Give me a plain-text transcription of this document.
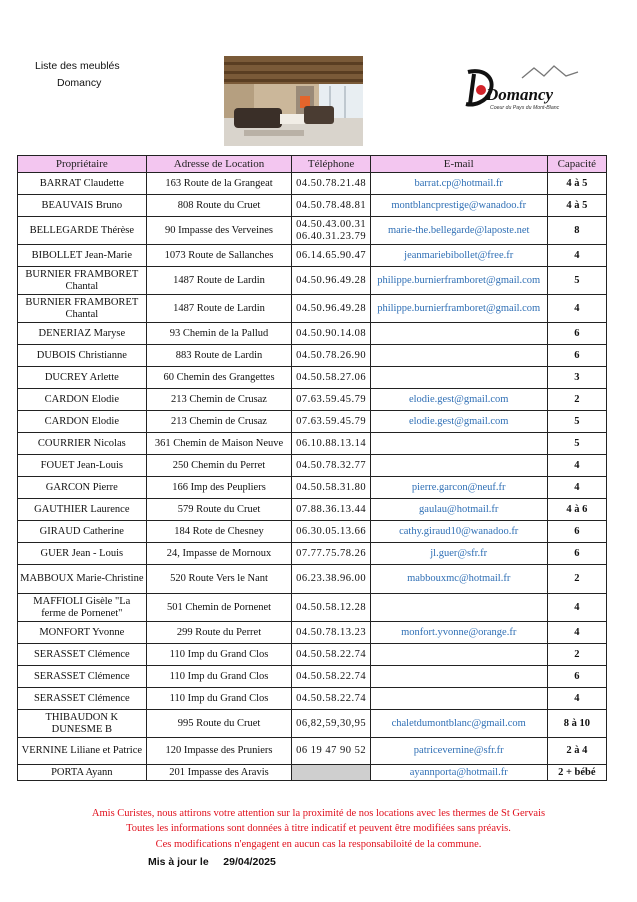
Liste des meublés
Domancy
Domancy
Coeur du Pays du Mont-Blanc
Propriétaire	Adresse de Location	Téléphone	E-mail	Capacité
BARRAT Claudette	163 Route de la Grangeat	04.50.78.21.48	barrat.cp@hotmail.fr	4 à 5
BEAUVAIS Bruno	808 Route du Cruet	04.50.78.48.81	montblancprestige@wanadoo.fr	4 à 5
BELLEGARDE Thérèse	90 Impasse des Verveines	04.50.43.00.31
06.40.31.23.79	marie-the.bellegarde@laposte.net	8
BIBOLLET Jean-Marie	1073 Route de Sallanches	06.14.65.90.47	jeanmariebibollet@free.fr	4
BURNIER FRAMBORET Chantal	1487 Route de Lardin	04.50.96.49.28	philippe.burnierframboret@gmail.com	5
BURNIER FRAMBORET Chantal	1487 Route de Lardin	04.50.96.49.28	philippe.burnierframboret@gmail.com	4
DENERIAZ Maryse	93 Chemin de la Pallud	04.50.90.14.08		6
DUBOIS Christianne	883 Route de Lardin	04.50.78.26.90		6
DUCREY Arlette	60 Chemin des Grangettes	04.50.58.27.06		3
CARDON Elodie	213 Chemin de Crusaz	07.63.59.45.79	elodie.gest@gmail.com	2
CARDON Elodie	213 Chemin de Crusaz	07.63.59.45.79	elodie.gest@gmail.com	5
COURRIER Nicolas	361 Chemin de Maison Neuve	06.10.88.13.14		5
FOUET Jean-Louis	250 Chemin du Perret	04.50.78.32.77		4
GARCON Pierre	166 Imp des Peupliers	04.50.58.31.80	pierre.garcon@neuf.fr	4
GAUTHIER Laurence	579 Route du Cruet	07.88.36.13.44	gaulau@hotmail.fr	4 à 6
GIRAUD Catherine	184 Rote de Chesney	06.30.05.13.66	cathy.giraud10@wanadoo.fr	6
GUER Jean - Louis	24, Impasse de Mornoux	07.77.75.78.26	jl.guer@sfr.fr	6
MABBOUX Marie-Christine	520 Route Vers le Nant	06.23.38.96.00	mabbouxmc@hotmail.fr	2
MAFFIOLI Gisèle "La ferme de Pornenet"	501 Chemin de Pornenet	04.50.58.12.28		4
MONFORT Yvonne	299 Route du Perret	04.50.78.13.23	monfort.yvonne@orange.fr	4
SERASSET Clémence	110 Imp du Grand Clos	04.50.58.22.74		2
SERASSET Clémence	110 Imp du Grand Clos	04.50.58.22.74		6
SERASSET Clémence	110 Imp du Grand Clos	04.50.58.22.74		4
THIBAUDON K DUNESME B	995 Route du Cruet	06,82,59,30,95	chaletdumontblanc@gmail.com	8 à 10
VERNINE Liliane et Patrice	120 Impasse des Pruniers	06 19 47 90 52	patricevernine@sfr.fr	2 à 4
PORTA Ayann	201 Impasse des Aravis		ayannporta@hotmail.fr	2 + bébé
Amis Curistes, nous attirons votre attention sur la proximité de nos locations avec les thermes de St Gervais
Toutes les informations sont données à titre indicatif et peuvent être modifiées sans préavis.
Ces modifications n'engagent en aucun cas la responsabiloité de la commune.
Mis à jour le 29/04/2025
